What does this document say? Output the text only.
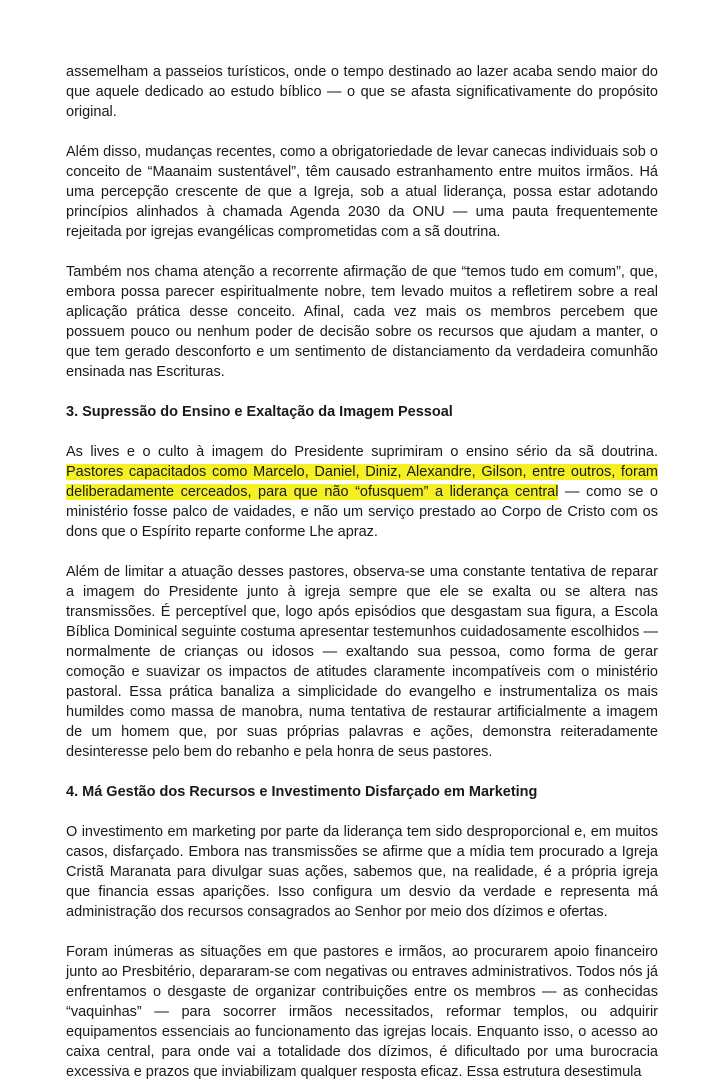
assemelham a passeios turísticos, onde o tempo destinado ao lazer acaba sendo maior do que aquele dedicado ao estudo bíblico — o que se afasta significativamente do propósito original.

Além disso, mudanças recentes, como a obrigatoriedade de levar canecas individuais sob o conceito de “Maanaim sustentável”, têm causado estranhamento entre muitos irmãos. Há uma percepção crescente de que a Igreja, sob a atual liderança, possa estar adotando princípios alinhados à chamada Agenda 2030 da ONU — uma pauta frequentemente rejeitada por igrejas evangélicas comprometidas com a sã doutrina.

Também nos chama atenção a recorrente afirmação de que “temos tudo em comum”, que, embora possa parecer espiritualmente nobre, tem levado muitos a refletirem sobre a real aplicação prática desse conceito. Afinal, cada vez mais os membros percebem que possuem pouco ou nenhum poder de decisão sobre os recursos que ajudam a manter, o que tem gerado desconforto e um sentimento de distanciamento da verdadeira comunhão ensinada nas Escrituras.

3. Supressão do Ensino e Exaltação da Imagem Pessoal

As lives e o culto à imagem do Presidente suprimiram o ensino sério da sã doutrina. Pastores capacitados como Marcelo, Daniel, Diniz, Alexandre, Gilson, entre outros, foram deliberadamente cerceados, para que não “ofusquem” a liderança central — como se o ministério fosse palco de vaidades, e não um serviço prestado ao Corpo de Cristo com os dons que o Espírito reparte conforme Lhe apraz.

Além de limitar a atuação desses pastores, observa-se uma constante tentativa de reparar a imagem do Presidente junto à igreja sempre que ele se exalta ou se altera nas transmissões. É perceptível que, logo após episódios que desgastam sua figura, a Escola Bíblica Dominical seguinte costuma apresentar testemunhos cuidadosamente escolhidos — normalmente de crianças ou idosos — exaltando sua pessoa, como forma de gerar comoção e suavizar os impactos de atitudes claramente incompatíveis com o ministério pastoral. Essa prática banaliza a simplicidade do evangelho e instrumentaliza os mais humildes como massa de manobra, numa tentativa de restaurar artificialmente a imagem de um homem que, por suas próprias palavras e ações, demonstra reiteradamente desinteresse pelo bem do rebanho e pela honra de seus pastores.

4. Má Gestão dos Recursos e Investimento Disfarçado em Marketing

O investimento em marketing por parte da liderança tem sido desproporcional e, em muitos casos, disfarçado. Embora nas transmissões se afirme que a mídia tem procurado a Igreja Cristã Maranata para divulgar suas ações, sabemos que, na realidade, é a própria igreja que financia essas aparições. Isso configura um desvio da verdade e representa má administração dos recursos consagrados ao Senhor por meio dos dízimos e ofertas.

Foram inúmeras as situações em que pastores e irmãos, ao procurarem apoio financeiro junto ao Presbitério, depararam-se com negativas ou entraves administrativos. Todos nós já enfrentamos o desgaste de organizar contribuições entre os membros — as conhecidas “vaquinhas” — para socorrer irmãos necessitados, reformar templos, ou adquirir equipamentos essenciais ao funcionamento das igrejas locais. Enquanto isso, o acesso ao caixa central, para onde vai a totalidade dos dízimos, é dificultado por uma burocracia excessiva e prazos que inviabilizam qualquer resposta eficaz. Essa estrutura desestimula
